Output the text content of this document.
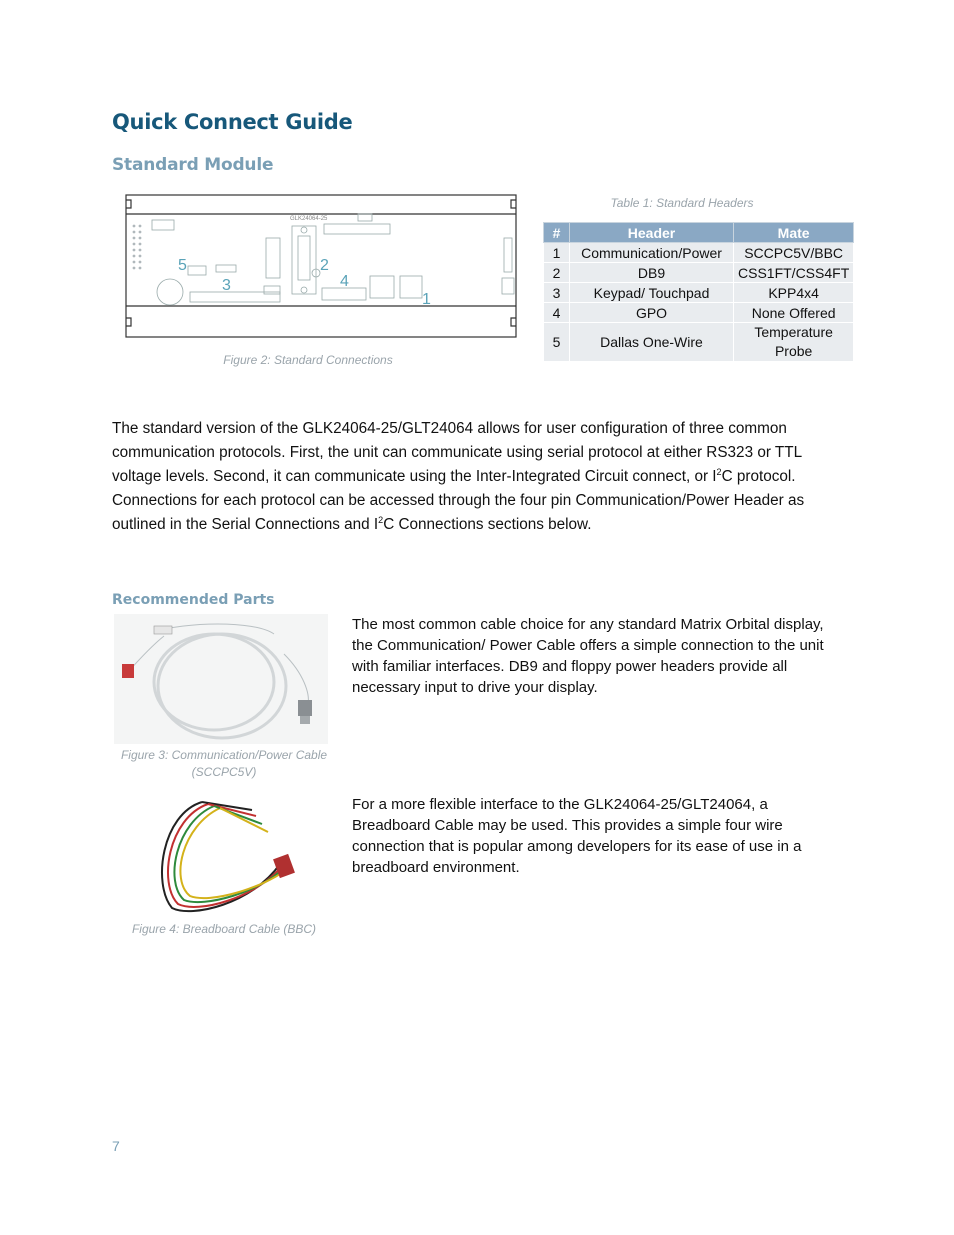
Quick Connect Guide
Standard Module
GLK24064-25
5
3
2
4
1
Figure 2: Standard Connections
Table 1: Standard Headers
#	Header	Mate
1	Communication/Power	SCCPC5V/BBC
2	DB9	CSS1FT/CSS4FT
3	Keypad/ Touchpad	KPP4x4
4	GPO	None Offered
5	Dallas One-Wire	Temperature Probe
The standard version of the GLK24064-25/GLT24064 allows for user configuration of three common communication protocols. First, the unit can communicate using serial protocol at either RS323 or TTL voltage levels. Second, it can communicate using the Inter-Integrated Circuit connect, or $I^2C$ protocol. Connections for each protocol can be accessed through the four pin Communication/Power Header as outlined in the Serial Connections and $I^2C$ Connections sections below.
Recommended Parts
Figure 3: Communication/Power Cable (SCCPC5V)
The most common cable choice for any standard Matrix Orbital display, the Communication/ Power Cable offers a simple connection to the unit with familiar interfaces. DB9 and floppy power headers provide all necessary input to drive your display.
Figure 4: Breadboard Cable (BBC)
For a more flexible interface to the GLK24064-25/GLT24064, a Breadboard Cable may be used. This provides a simple four wire connection that is popular among developers for its ease of use in a breadboard environment.
7
